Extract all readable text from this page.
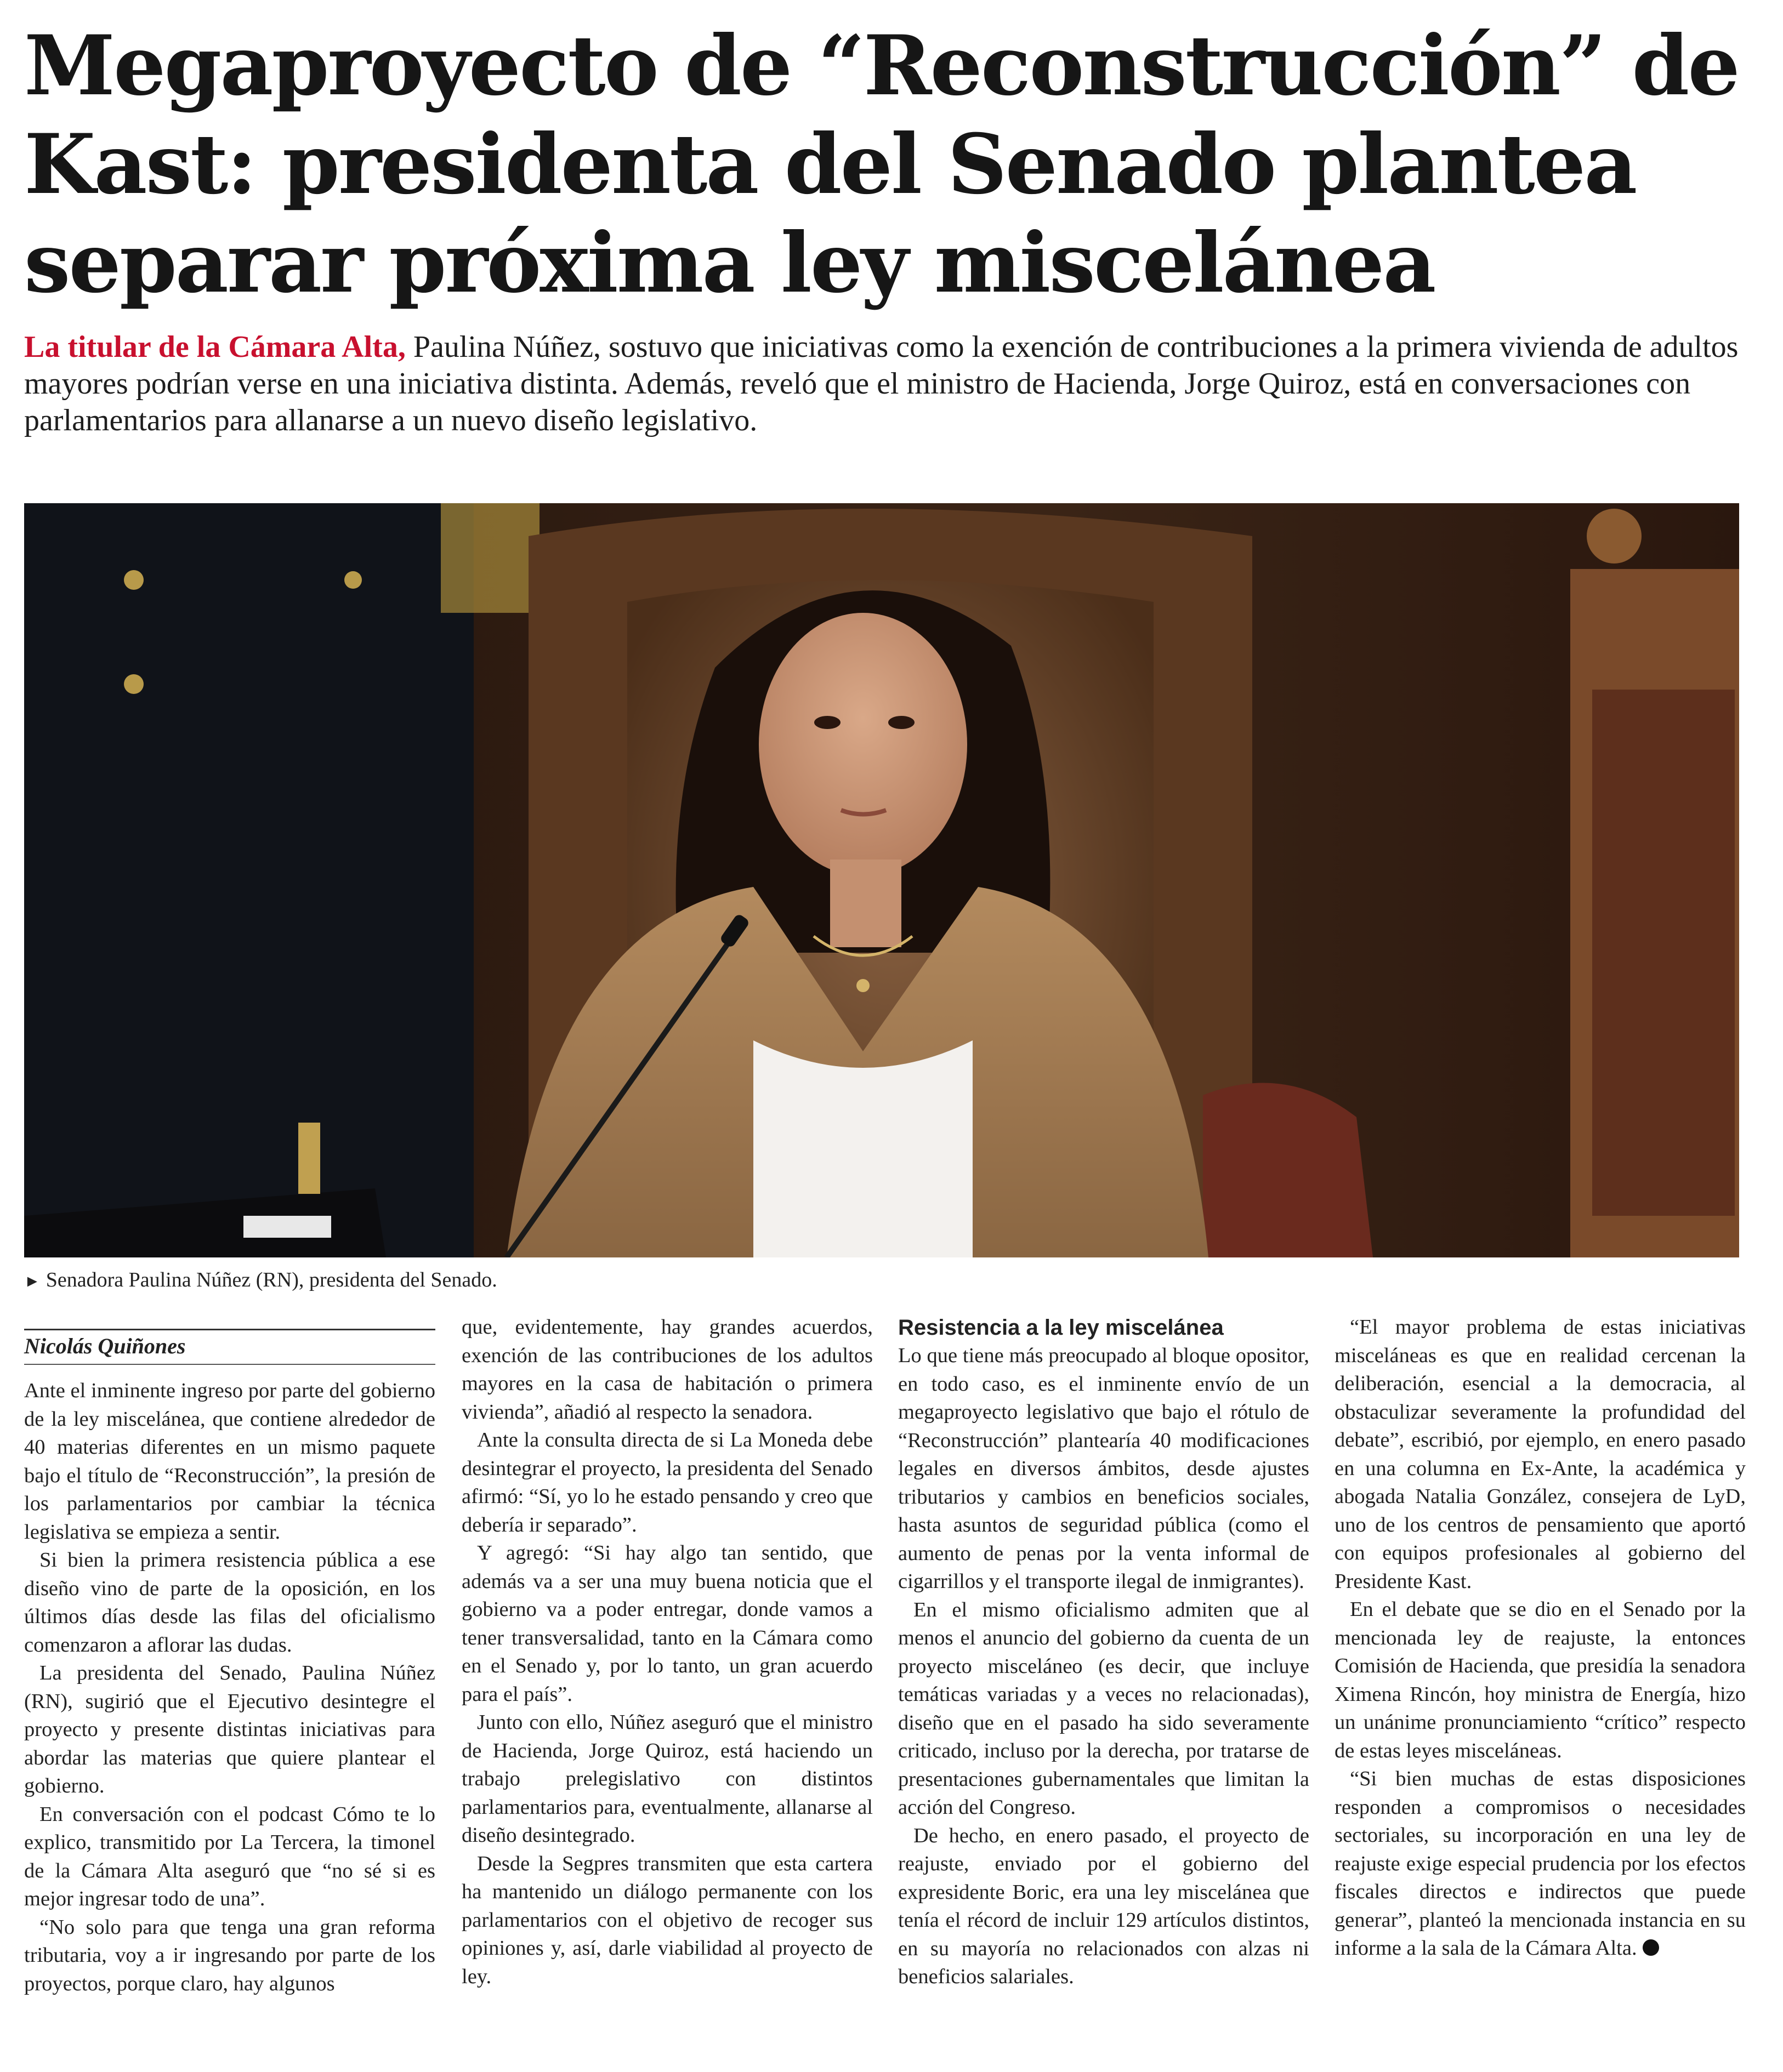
Megaproyecto de “Reconstrucción” de Kast: presidenta del Senado plantea separar próxima ley miscelánea

La titular de la Cámara Alta, Paulina Núñez, sostuvo que iniciativas como la exención de contribuciones a la primera vivienda de adultos mayores podrían verse en una iniciativa distinta. Además, reveló que el ministro de Hacienda, Jorge Quiroz, está en conversaciones con parlamentarios para allanarse a un nuevo diseño legislativo.

► Senadora Paulina Núñez (RN), presidenta del Senado.

Nicolás Quiñones

Ante el inminente ingreso por parte del gobierno de la ley miscelánea, que contiene alrededor de 40 materias diferentes en un mismo paquete bajo el título de “Reconstrucción”, la presión de los parlamentarios por cambiar la técnica legislativa se empieza a sentir.

Si bien la primera resistencia pública a ese diseño vino de parte de la oposición, en los últimos días desde las filas del oficialismo comenzaron a aflorar las dudas.

La presidenta del Senado, Paulina Núñez (RN), sugirió que el Ejecutivo desintegre el proyecto y presente distintas iniciativas para abordar las materias que quiere plantear el gobierno.

En conversación con el podcast Cómo te lo explico, transmitido por La Tercera, la timonel de la Cámara Alta aseguró que “no sé si es mejor ingresar todo de una”.

“No solo para que tenga una gran reforma tributaria, voy a ir ingresando por parte de los proyectos, porque claro, hay algunos

que, evidentemente, hay grandes acuerdos, exención de las contribuciones de los adultos mayores en la casa de habitación o primera vivienda”, añadió al respecto la senadora.

Ante la consulta directa de si La Moneda debe desintegrar el proyecto, la presidenta del Senado afirmó: “Sí, yo lo he estado pensando y creo que debería ir separado”.

Y agregó: “Si hay algo tan sentido, que además va a ser una muy buena noticia que el gobierno va a poder entregar, donde vamos a tener transversalidad, tanto en la Cámara como en el Senado y, por lo tanto, un gran acuerdo para el país”.

Junto con ello, Núñez aseguró que el ministro de Hacienda, Jorge Quiroz, está haciendo un trabajo prelegislativo con distintos parlamentarios para, eventualmente, allanarse al diseño desintegrado.

Desde la Segpres transmiten que esta cartera ha mantenido un diálogo permanente con los parlamentarios con el objetivo de recoger sus opiniones y, así, darle viabilidad al proyecto de ley.

Resistencia a la ley miscelánea

Lo que tiene más preocupado al bloque opositor, en todo caso, es el inminente envío de un megaproyecto legislativo que bajo el rótulo de “Reconstrucción” plantearía 40 modificaciones legales en diversos ámbitos, desde ajustes tributarios y cambios en beneficios sociales, hasta asuntos de seguridad pública (como el aumento de penas por la venta informal de cigarrillos y el transporte ilegal de inmigrantes).

En el mismo oficialismo admiten que al menos el anuncio del gobierno da cuenta de un proyecto misceláneo (es decir, que incluye temáticas variadas y a veces no relacionadas), diseño que en el pasado ha sido severamente criticado, incluso por la derecha, por tratarse de presentaciones gubernamentales que limitan la acción del Congreso.

De hecho, en enero pasado, el proyecto de reajuste, enviado por el gobierno del expresidente Boric, era una ley miscelánea que tenía el récord de incluir 129 artículos distintos, en su mayoría no relacionados con alzas ni beneficios salariales.

“El mayor problema de estas iniciativas misceláneas es que en realidad cercenan la deliberación, esencial a la democracia, al obstaculizar severamente la profundidad del debate”, escribió, por ejemplo, en enero pasado en una columna en Ex-Ante, la académica y abogada Natalia González, consejera de LyD, uno de los centros de pensamiento que aportó con equipos profesionales al gobierno del Presidente Kast.

En el debate que se dio en el Senado por la mencionada ley de reajuste, la entonces Comisión de Hacienda, que presidía la senadora Ximena Rincón, hoy ministra de Energía, hizo un unánime pronunciamiento “crítico” respecto de estas leyes misceláneas.

“Si bien muchas de estas disposiciones responden a compromisos o necesidades sectoriales, su incorporación en una ley de reajuste exige especial prudencia por los efectos fiscales directos e indirectos que puede generar”, planteó la mencionada instancia en su informe a la sala de la Cámara Alta.
